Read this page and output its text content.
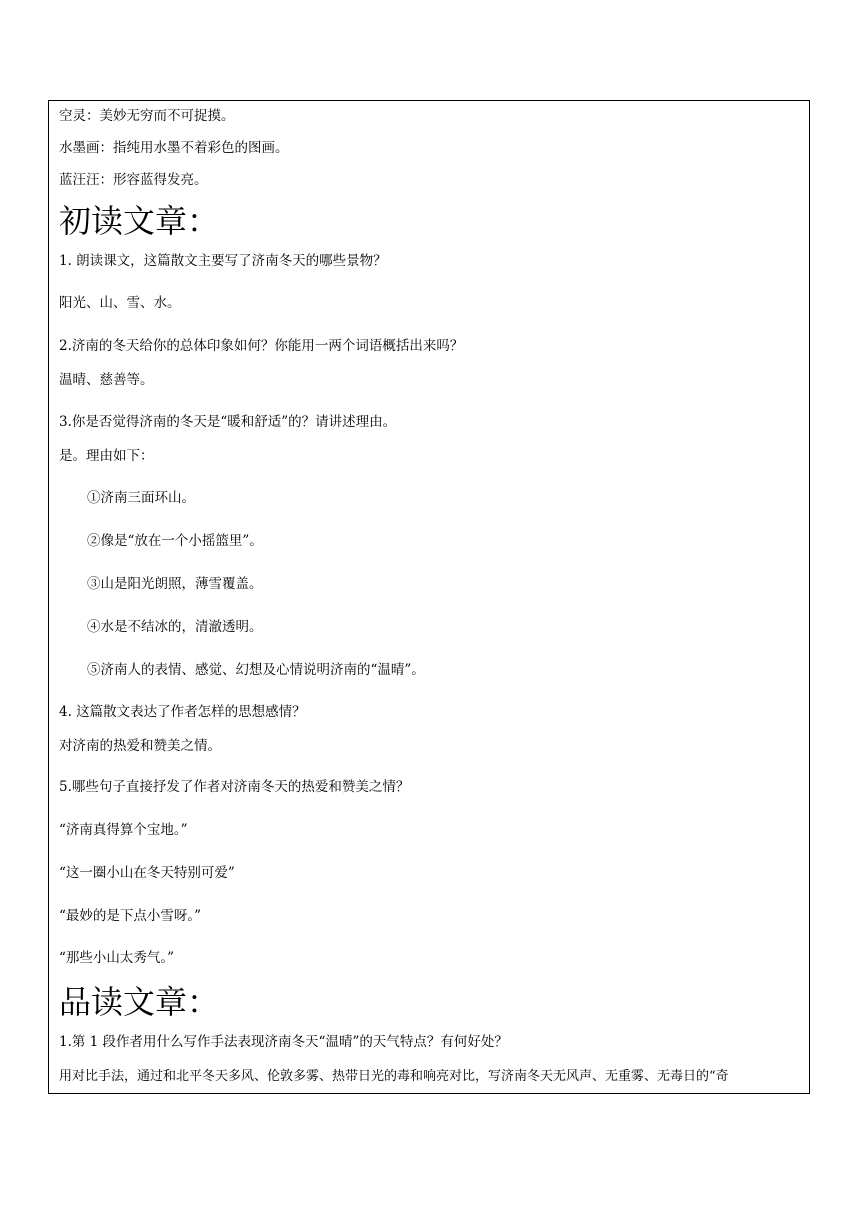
空灵：美妙无穷而不可捉摸。
水墨画：指纯用水墨不着彩色的图画。
蓝汪汪：形容蓝得发亮。
初读文章：
1. 朗读课文，这篇散文主要写了济南冬天的哪些景物？
阳光、山、雪、水。
2.济南的冬天给你的总体印象如何？你能用一两个词语概括出来吗？
温晴、慈善等。
3.你是否觉得济南的冬天是“暖和舒适”的？请讲述理由。
是。理由如下：
①济南三面环山。
②像是“放在一个小摇篮里”。
③山是阳光朗照，薄雪覆盖。
④水是不结冰的，清澈透明。
⑤济南人的表情、感觉、幻想及心情说明济南的“温晴”。
4. 这篇散文表达了作者怎样的思想感情？
对济南的热爱和赞美之情。
5.哪些句子直接抒发了作者对济南冬天的热爱和赞美之情？
“济南真得算个宝地。”
“这一圈小山在冬天特别可爱”
“最妙的是下点小雪呀。”
“那些小山太秀气。”
品读文章：
1.第 1 段作者用什么写作手法表现济南冬天“温晴”的天气特点？有何好处？
用对比手法，通过和北平冬天多风、伦敦多雾、热带日光的毒和响亮对比，写济南冬天无风声、无重雾、无毒日的“奇
